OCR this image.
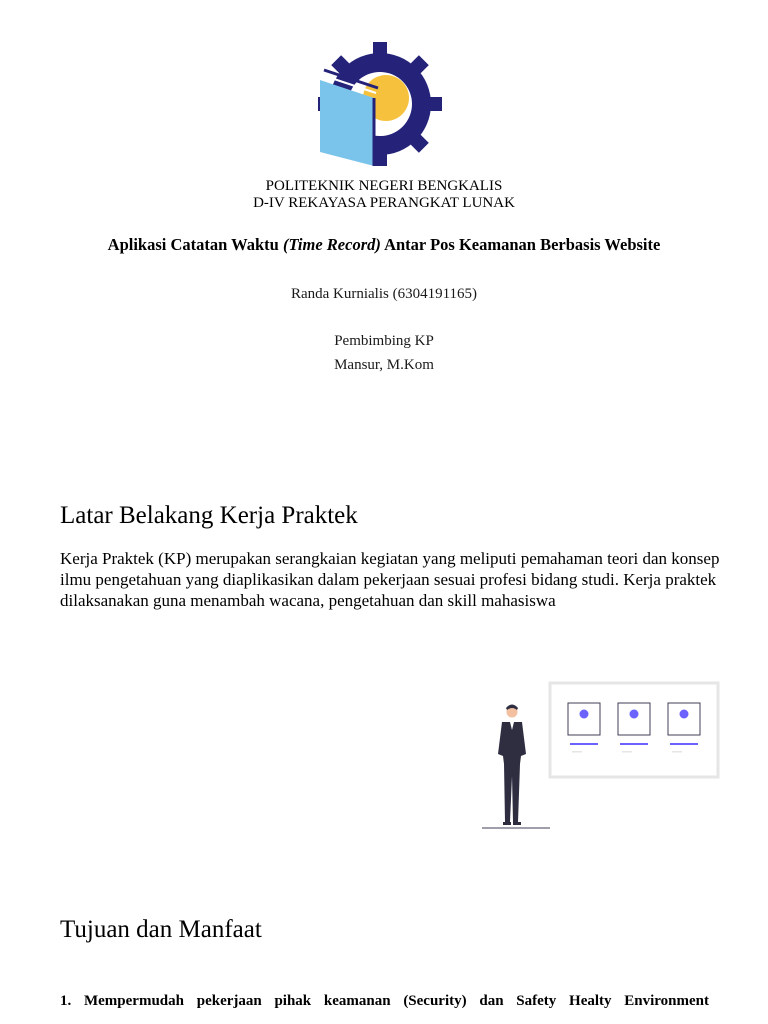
POLITEKNIK NEGERI BENGKALIS
D-IV REKAYASA PERANGKAT LUNAK
Aplikasi Catatan Waktu (Time Record) Antar Pos Keamanan Berbasis Website
Randa Kurnialis (6304191165)
Pembimbing KP
Mansur, M.Kom
Latar Belakang Kerja Praktek
Kerja Praktek (KP) merupakan serangkaian kegiatan yang meliputi pemahaman teori dan konsep ilmu pengetahuan yang diaplikasikan dalam pekerjaan sesuai profesi bidang studi. Kerja praktek dilaksanakan guna menambah wacana, pengetahuan dan skill mahasiswa
Tujuan dan Manfaat
1. Mempermudah pekerjaan pihak keamanan (Security) dan Safety Healty Environment
